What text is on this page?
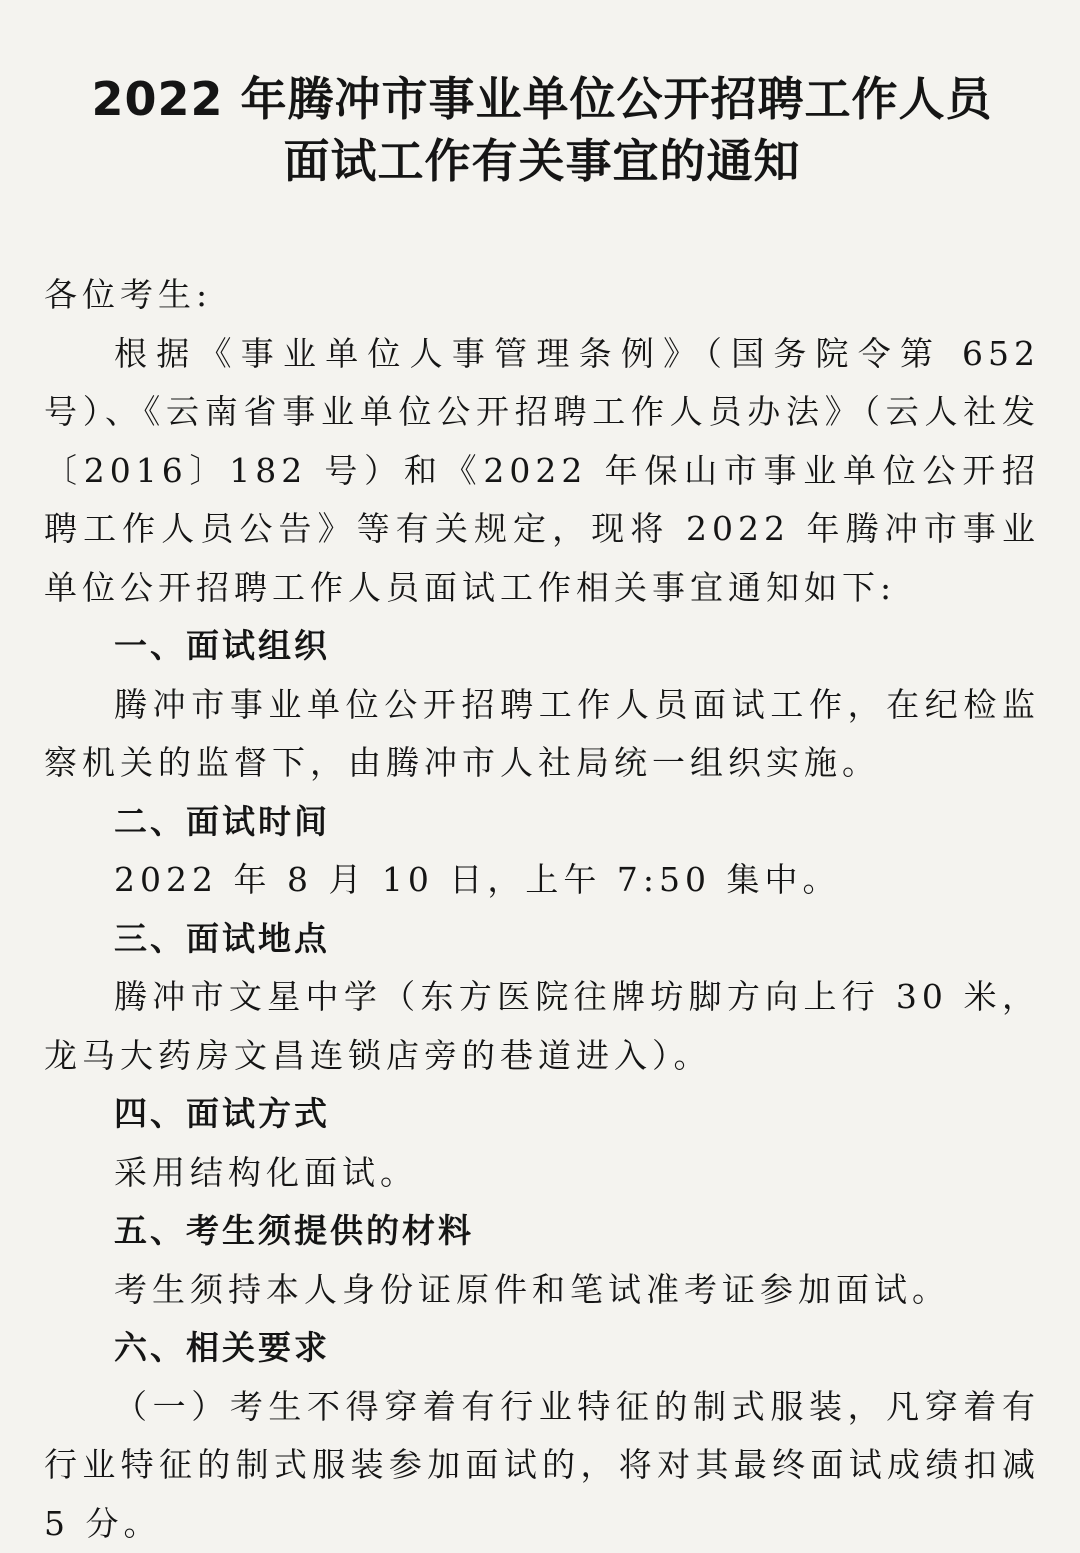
2022 年腾冲市事业单位公开招聘工作人员
面试工作有关事宜的通知

各位考生:

根据《事业单位人事管理条例》（国务院令第 652 号）、《云南省事业单位公开招聘工作人员办法》（云人社发〔2016〕182 号）和《2022 年保山市事业单位公开招聘工作人员公告》等有关规定，现将 2022 年腾冲市事业单位公开招聘工作人员面试工作相关事宜通知如下:

一、面试组织

腾冲市事业单位公开招聘工作人员面试工作，在纪检监察机关的监督下，由腾冲市人社局统一组织实施。

二、面试时间

2022 年 8 月 10 日，上午 7:50 集中。

三、面试地点

腾冲市文星中学（东方医院往牌坊脚方向上行 30 米，龙马大药房文昌连锁店旁的巷道进入）。

四、面试方式

采用结构化面试。

五、考生须提供的材料

考生须持本人身份证原件和笔试准考证参加面试。

六、相关要求

（一）考生不得穿着有行业特征的制式服装，凡穿着有行业特征的制式服装参加面试的，将对其最终面试成绩扣减 5 分。
